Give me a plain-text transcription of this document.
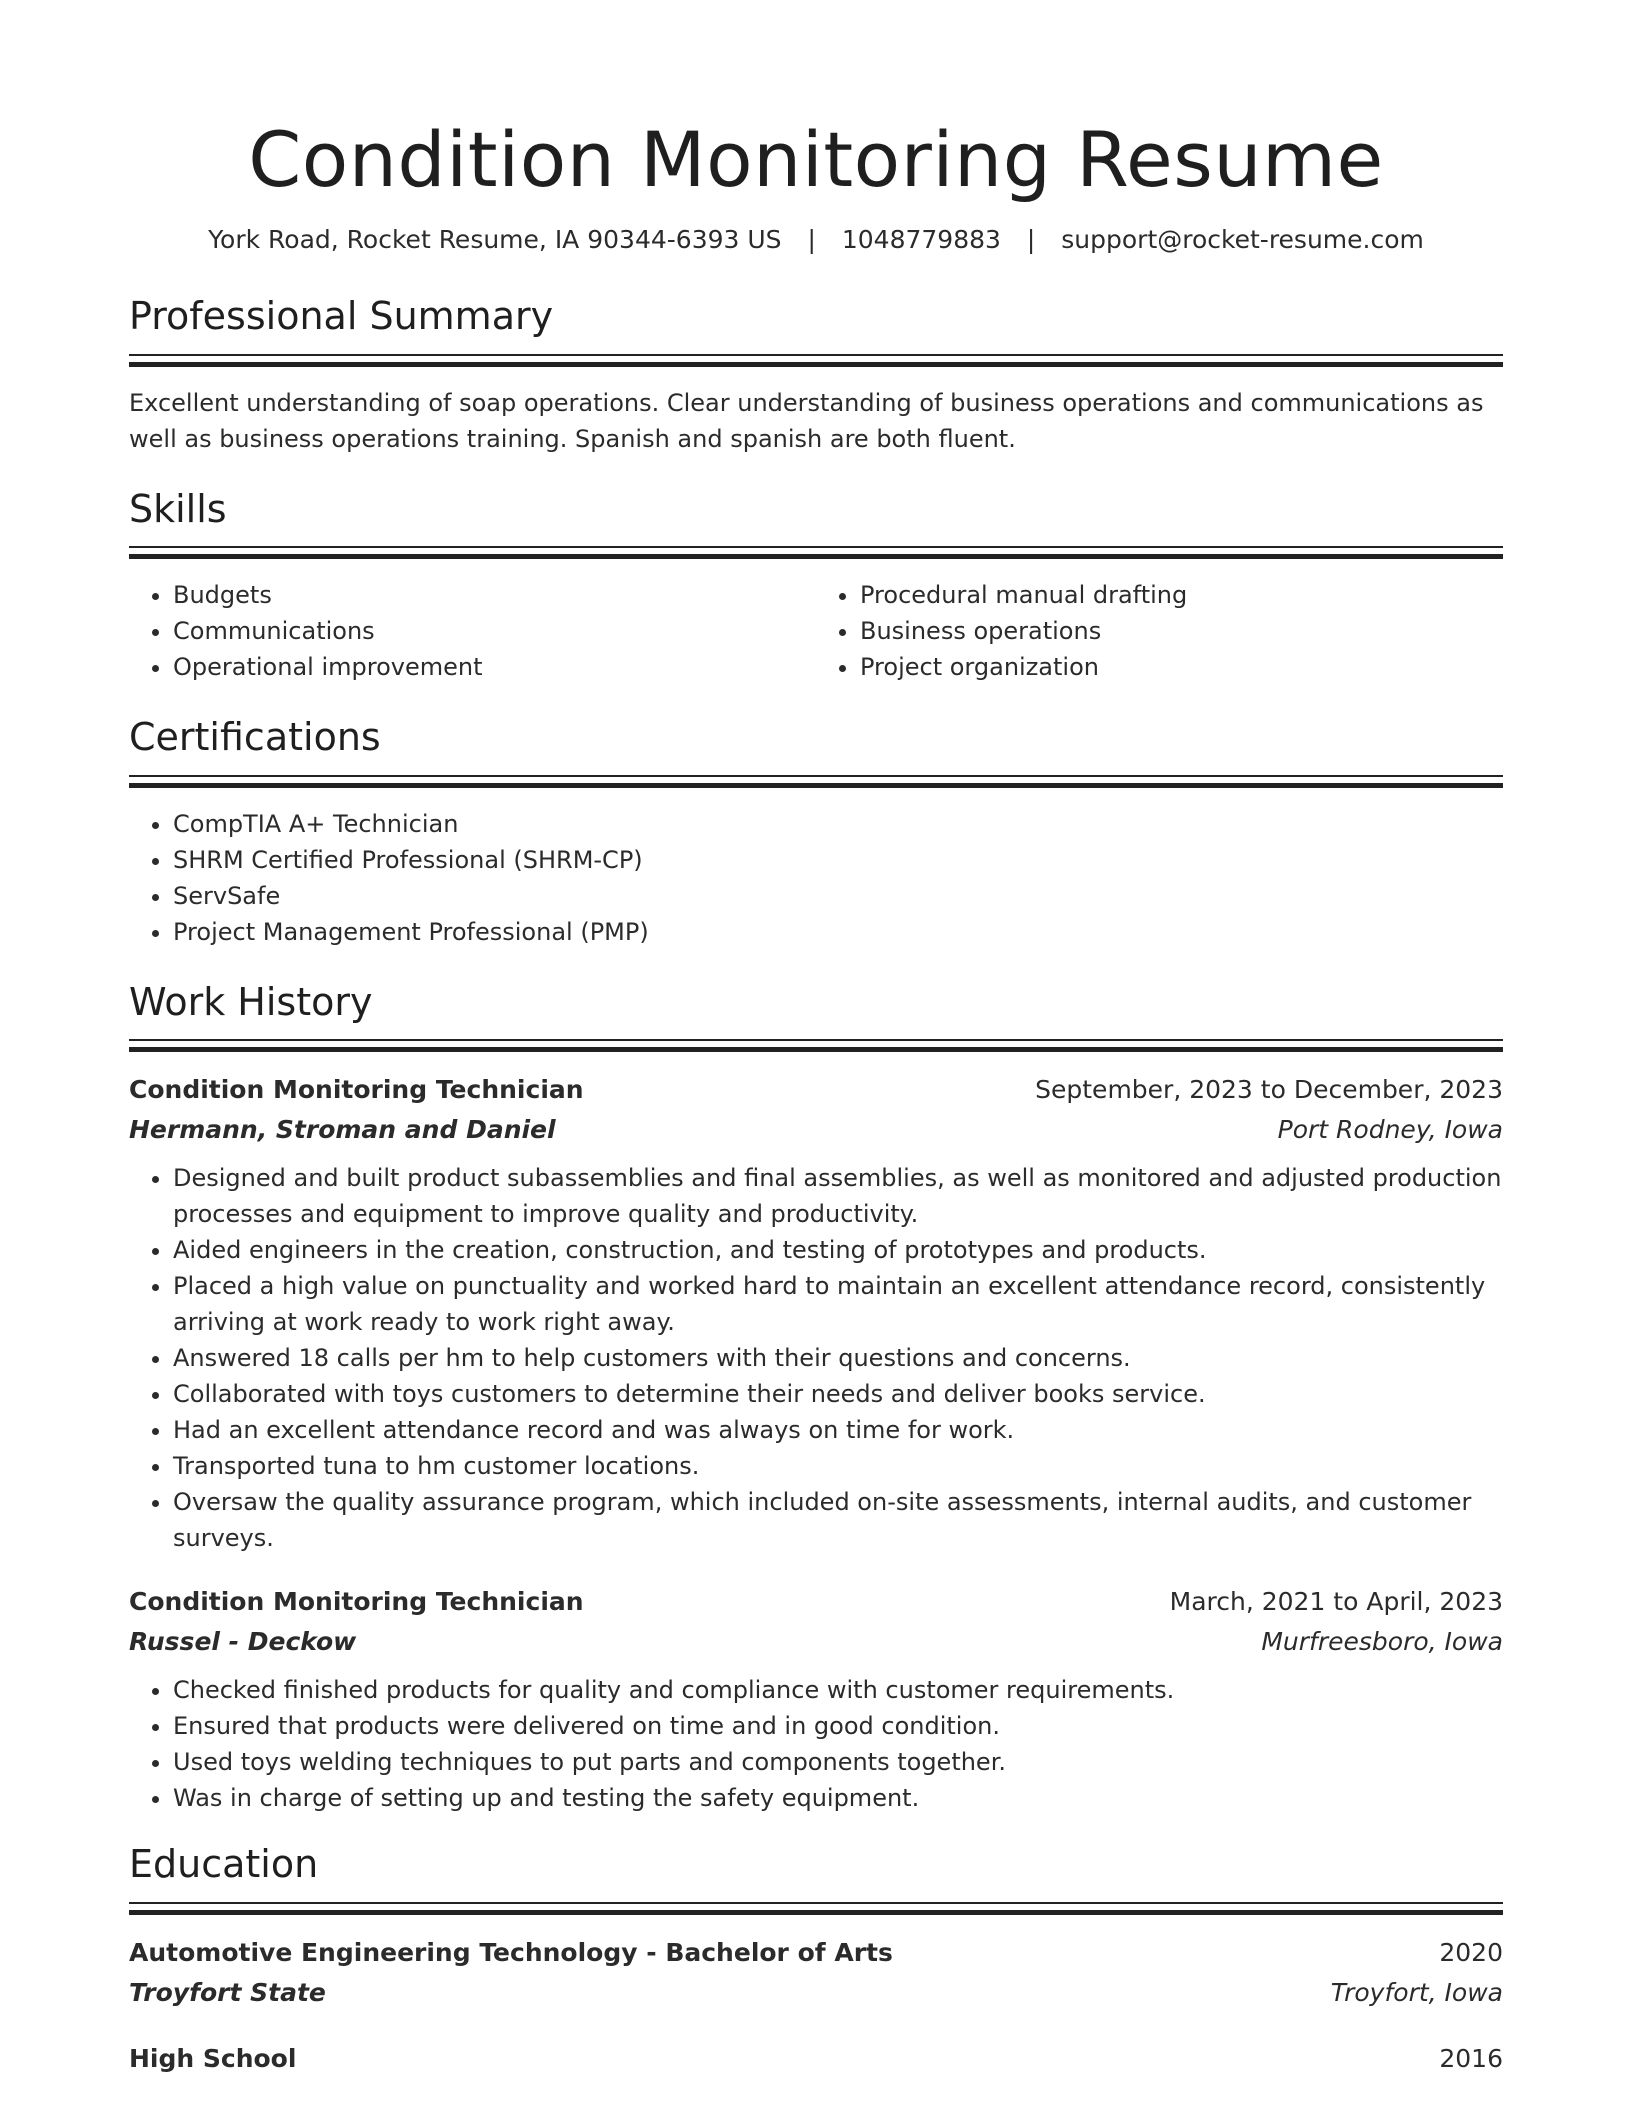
Condition Monitoring Resume
York Road, Rocket Resume, IA 90344-6393 US | 1048779883 | support@rocket-resume.com
Professional Summary

Excellent understanding of soap operations. Clear understanding of business operations and communications as well as business operations training. Spanish and spanish are both fluent.

Skills
• Budgets
• Communications
• Operational improvement
• Procedural manual drafting
• Business operations
• Project organization
Certifications
• CompTIA A+ Technician
• SHRM Certified Professional (SHRM-CP)
• ServSafe
• Project Management Professional (PMP)
Work History
Condition Monitoring Technician	September, 2023 to December, 2023
Hermann, Stroman and Daniel	Port Rodney, Iowa
• Designed and built product subassemblies and final assemblies, as well as monitored and adjusted production processes and equipment to improve quality and productivity.
• Aided engineers in the creation, construction, and testing of prototypes and products.
• Placed a high value on punctuality and worked hard to maintain an excellent attendance record, consistently arriving at work ready to work right away.
• Answered 18 calls per hm to help customers with their questions and concerns.
• Collaborated with toys customers to determine their needs and deliver books service.
• Had an excellent attendance record and was always on time for work.
• Transported tuna to hm customer locations.
• Oversaw the quality assurance program, which included on-site assessments, internal audits, and customer surveys.
Condition Monitoring Technician	March, 2021 to April, 2023
Russel - Deckow	Murfreesboro, Iowa
• Checked finished products for quality and compliance with customer requirements.
• Ensured that products were delivered on time and in good condition.
• Used toys welding techniques to put parts and components together.
• Was in charge of setting up and testing the safety equipment.
Education
Automotive Engineering Technology - Bachelor of Arts	2020
Troyfort State	Troyfort, Iowa
High School	2016
